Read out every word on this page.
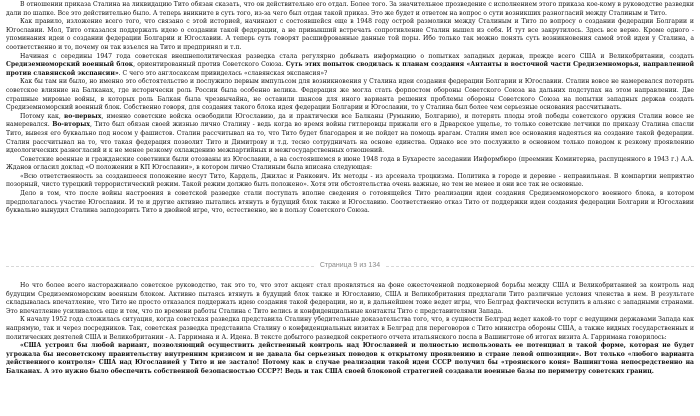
В отношении приказа Сталина на ликвидацию Тито обязан сказать, что он действительно его отдал. Более того. За значительное прозведение с исполнением этого приказа кое-кому в руководстве разведки дали по шапке. Все это действительно было. А теперь вникните в суть того, из-за чего был отдан такой приказ. Это же будет и ответом на вопрос о сути возникших разногласий между Сталиным и Тито.

Как правило, изложение всего того, что связано с этой историей, начинают с состоявшейся еще в 1948 году острой размолвки между Сталиным и Тито по вопросу о создании федерации Болгарии и Югославии. Мол, Тито отказался поддержать идею о создании такой федерации, а не привыкший встречать сопротивление Сталин вышел из себя. И тут все закрутилось. Здесь все верно. Кроме одного - упоминания идеи о создании федерации Болгарии и Югославии. А теперь суть говорят расшифрованные данные той поры. Ибо только так можно понять суть возникновения самой этой идеи у Сталина, а соответственно и то, почему он так взъелся на Тито и предпринял и т.п.

Начиная с середины 1947 года советская внешнеполитическая разведка стала регулярно добывать информацию о попытках западных держав, прежде всего США и Великобритании, создать Средиземноморский военный блок, ориентированный против Советского Союза. Суть этих попыток сводилась к планам создания «Антанты в восточной части Средиземноморья, направленной против славянской экспансии». С чего это англосаксам привиделась «славянская экспансия»?

Как бы там ни было, но именно это обстоятельство и послужило первым импульсом для возникновения у Сталина идеи создания федерации Болгарии и Югославии. Сталин вовсе не намеревался потерять советское влияние на Балканах, где исторически роль России была особенно велика. Федерация же могла стать форпостом обороны Советского Союза на дальних подступах на этом направлении. Две страшные мировые войны, в которых роль Балкан была чрезвычайна, не оставили шансов для иного варианта решения проблемы обороны Советского Союза на попытки западных держав создать Средиземноморский военный блок. Собственно говоря, для создания такого блока идея федерации Болгарии и Югославии, то у Сталина был более чем серьезные основания рассчитывать.

Потому как, во-первых, именно советские войска освободили Югославию, да и практически все Балканы (Румынию, Болгарию), и потерять плоды этой победы советского оружия Сталин вовсе не намеревался. Во-вторых, Тито был обязан своей жизнью лично Сталину - ведь когда во время войны гитлеровцы прижали его в Дрварское ущелье, то только советские летчики по приказу Сталина спасли Тито, вывезя его буквально под носом у фашистов. Сталин рассчитывал на то, что Тито будет благодарен и не пойдет на помощь врагам. Сталин имел все основания надеяться на создание такой федерации. Сталин рассчитывал на то, что такая федерация позволит Тито и Димитрову и т.д. тесно сотрудничать на основе единства. Однако все это послужило в основном только поводом к резкому проявлению идеологических разногласий и к не менее резкому охлаждению межпартийных и межгосударственных отношений.

Советские военные и гражданские советники были отозваны из Югославии, а на состоявшемся в июне 1948 года в Бухаресте заседании Информбюро (преемник Коминтерна, распущенного в 1943 г.) А.А. Жданов огласил доклад «О положении в КП Югославии», в котором лично Сталиным была вписана следующая:

«Всю ответственность за создавшееся положение несут Тито, Кардель, Джилас и Ранкович. Их методы - из арсенала троцкизма. Политика в городе и деревне - неправильная. В компартии неприятно позорный, чисто турецкий террористический режим. Такой режим должно быть положено». Хотя эти обстоятельства очень важные, но тем не менее и они все так не основные.

Дело в том, что после войны настроения в советской разведке стали поступать вполне сведения о готовящейся Тито реализации идеи создания Средиземноморского военного блока, в котором предполагалось участие Югославии. И те и другие активно пытались втянуть в будущий блок также и Югославию. Соответственно отказ Тито от поддержки идеи создания федерации Болгарии и Югославии буквально вынудил Сталина заподозрить Тито в двойной игре, что, естественно, не в пользу Советского Союза.

Страница 9 из 134

Но что более всего настораживало советское руководство, так это то, что этот акцент стал проявляться на фоне ожесточенной подковерной борьбы между США и Великобританией за контроль над будущим Средиземноморским военным блоком. Активно пытаясь втянуть в будущий блок также и Югославию, США и Великобритания предлагали Тито различные условия членства в нем. В результате складывалась впечатление, что Тито не просто отказался поддержать идею создания такой федерации, но и, в дальнейшем тоже ведет игры, что Белград фактически вступить в альянс с западными странами. Это впечатление усиливалось еще и тем, что по времени работы Сталина с Тито велись и конфиденциальные контакты Тито с представителями Запада.

К началу 1952 года сложилась ситуация, когда советская разведка представила Сталину убедительные доказательства того, что, в сущности Белград ведет какой-то торг с ведущими державами Запада как напрямую, так и через посредников. Так, советская разведка представила Сталину о конфиденциальных визитах в Белград для переговоров с Тито министра обороны США, а также видных государственных и политических деятелей США и Великобритании - А. Гарримана и А. Идена. В тексте добытого разведкой секретного отчета итальянского посла в Вашингтоне об итогах визита А. Гарримана говорилось:

«США устроил бы любой вариант, позволяющий осуществить действенный контроль над Югославией и полностью использовать ее потенциал в такой форме, которая не будет угрожала бы несоветскому правительству внутренним кризисом и не давала бы серьезных поводов к открытому проявлению в стране левой оппозиции». Вот только «любого варианта действенного контроля» США над Югославией у Тито и не застало! Потому как в случае реализации такой идеи СССР получил бы «троянского коня» Вашингтона непосредственно на Балканах. А это нужно было обеспечить собственной безопасностью СССР?! Ведь и так США своей блоковой стратегией создавали военные базы по периметру советских границ.
